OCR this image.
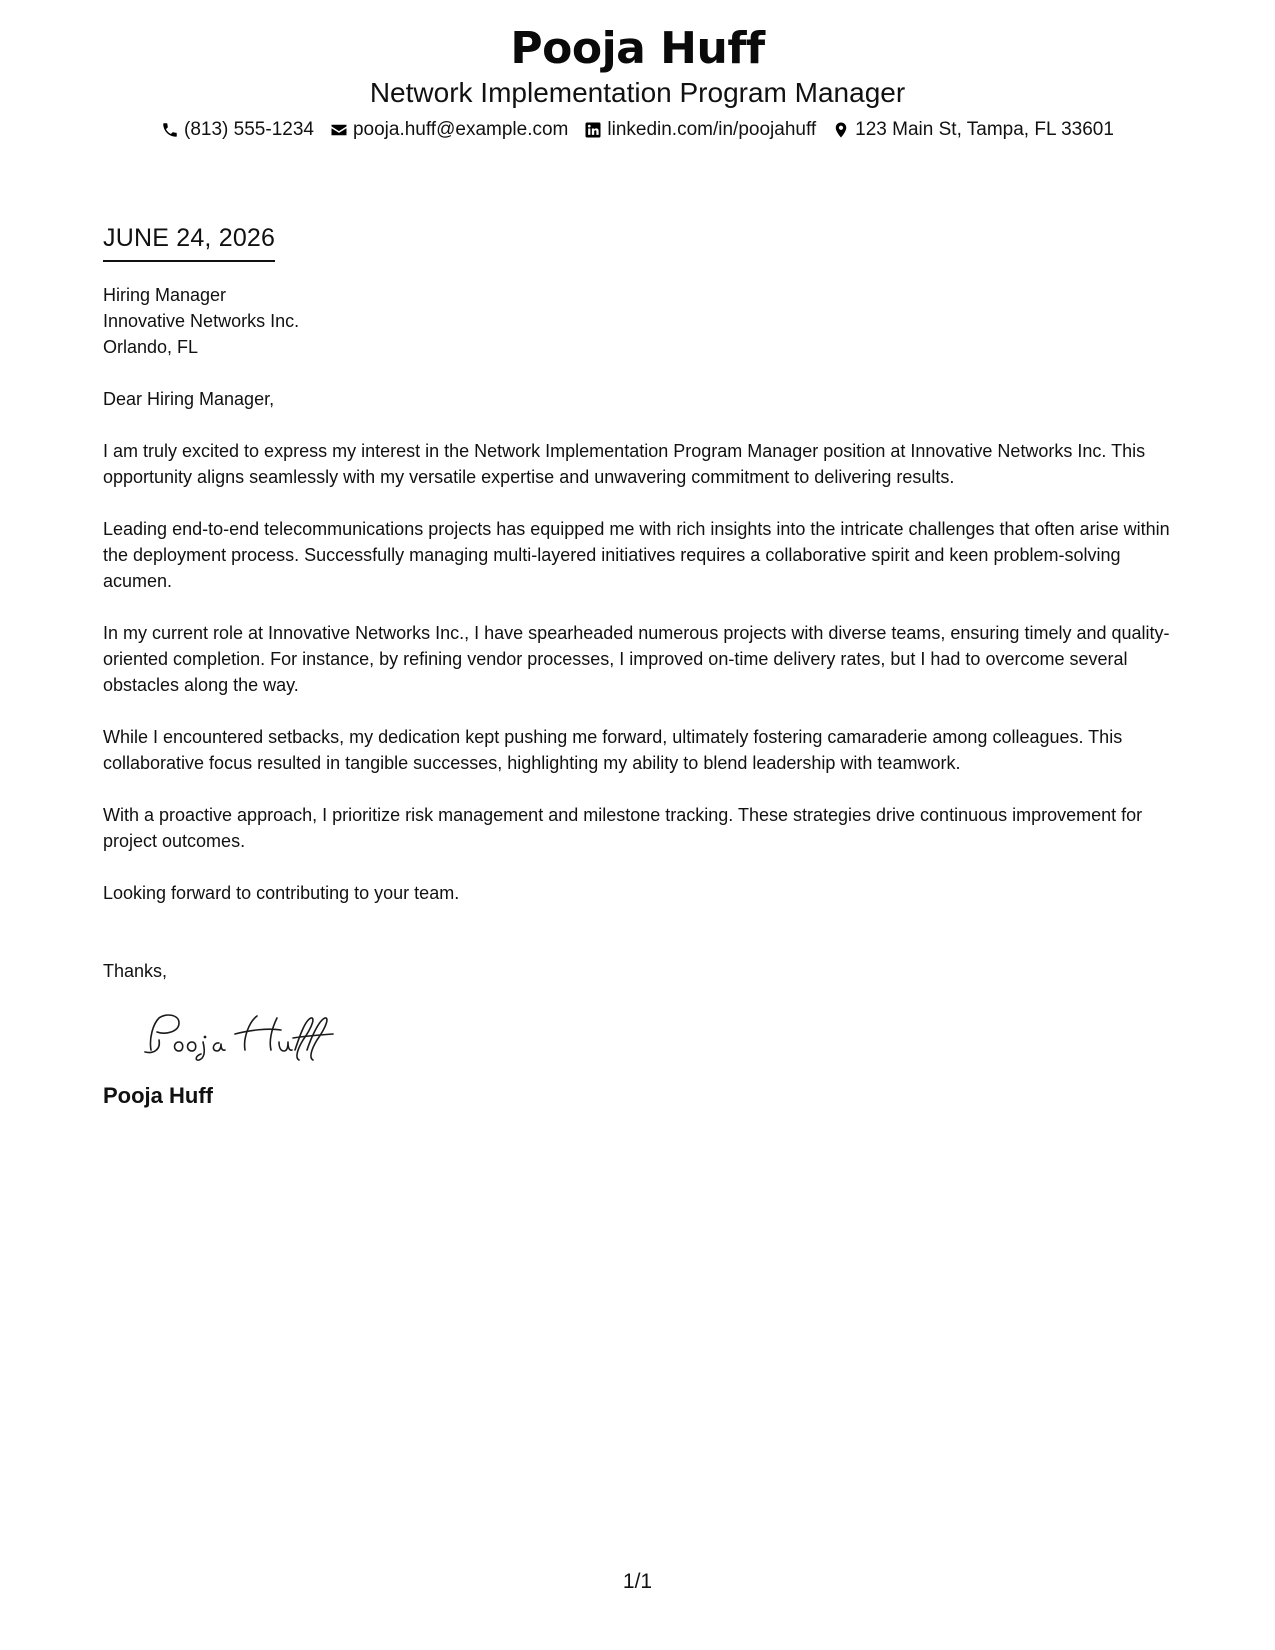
Pooja Huff
Network Implementation Program Manager
(813) 555-1234 pooja.huff@example.com linkedin.com/in/poojahuff 123 Main St, Tampa, FL 33601
JUNE 24, 2026
Hiring Manager
Innovative Networks Inc.
Orlando, FL
Dear Hiring Manager,
I am truly excited to express my interest in the Network Implementation Program Manager position at Innovative Networks Inc. This opportunity aligns seamlessly with my versatile expertise and unwavering commitment to delivering results.
Leading end-to-end telecommunications projects has equipped me with rich insights into the intricate challenges that often arise within the deployment process. Successfully managing multi-layered initiatives requires a collaborative spirit and keen problem-solving acumen.
In my current role at Innovative Networks Inc., I have spearheaded numerous projects with diverse teams, ensuring timely and quality-oriented completion. For instance, by refining vendor processes, I improved on-time delivery rates, but I had to overcome several obstacles along the way.
While I encountered setbacks, my dedication kept pushing me forward, ultimately fostering camaraderie among colleagues. This collaborative focus resulted in tangible successes, highlighting my ability to blend leadership with teamwork.
With a proactive approach, I prioritize risk management and milestone tracking. These strategies drive continuous improvement for project outcomes.
Looking forward to contributing to your team.
Thanks,
Pooja Huff
1/1
